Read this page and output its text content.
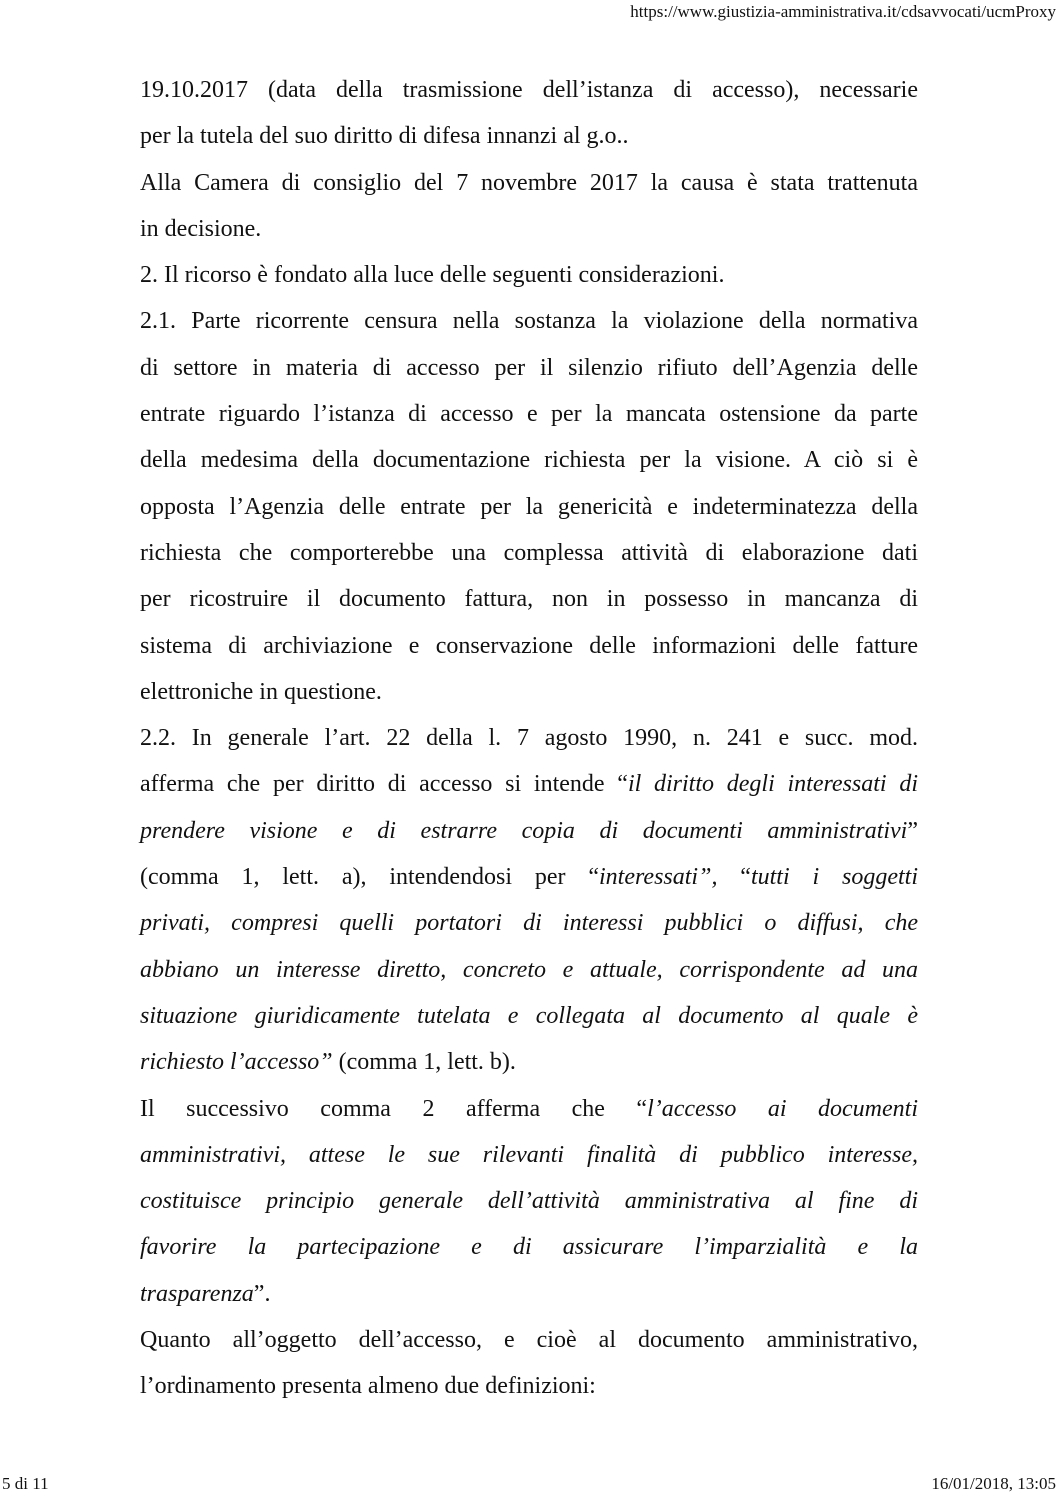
https://www.giustizia-amministrativa.it/cdsavvocati/ucmProxy
19.10.2017 (data della trasmissione dell’istanza di accesso), necessarie
per la tutela del suo diritto di difesa innanzi al g.o..
Alla Camera di consiglio del 7 novembre 2017 la causa è stata trattenuta
in decisione.
2. Il ricorso è fondato alla luce delle seguenti considerazioni.
2.1. Parte ricorrente censura nella sostanza la violazione della normativa
di settore in materia di accesso per il silenzio rifiuto dell’Agenzia delle
entrate riguardo l’istanza di accesso e per la mancata ostensione da parte
della medesima della documentazione richiesta per la visione. A ciò si è
opposta l’Agenzia delle entrate per la genericità e indeterminatezza della
richiesta che comporterebbe una complessa attività di elaborazione dati
per ricostruire il documento fattura, non in possesso in mancanza di
sistema di archiviazione e conservazione delle informazioni delle fatture
elettroniche in questione.
2.2. In generale l’art. 22 della l. 7 agosto 1990, n. 241 e succ. mod.
afferma che per diritto di accesso si intende “il diritto degli interessati di
prendere visione e di estrarre copia di documenti amministrativi”
(comma 1, lett. a), intendendosi per “interessati”, “tutti i soggetti
privati, compresi quelli portatori di interessi pubblici o diffusi, che
abbiano un interesse diretto, concreto e attuale, corrispondente ad una
situazione giuridicamente tutelata e collegata al documento al quale è
richiesto l’accesso” (comma 1, lett. b).
Il successivo comma 2 afferma che “l’accesso ai documenti
amministrativi, attese le sue rilevanti finalità di pubblico interesse,
costituisce principio generale dell’attività amministrativa al fine di
favorire la partecipazione e di assicurare l’imparzialità e la
trasparenza”.
Quanto all’oggetto dell’accesso, e cioè al documento amministrativo,
l’ordinamento presenta almeno due definizioni:
5 di 11	16/01/2018, 13:05
